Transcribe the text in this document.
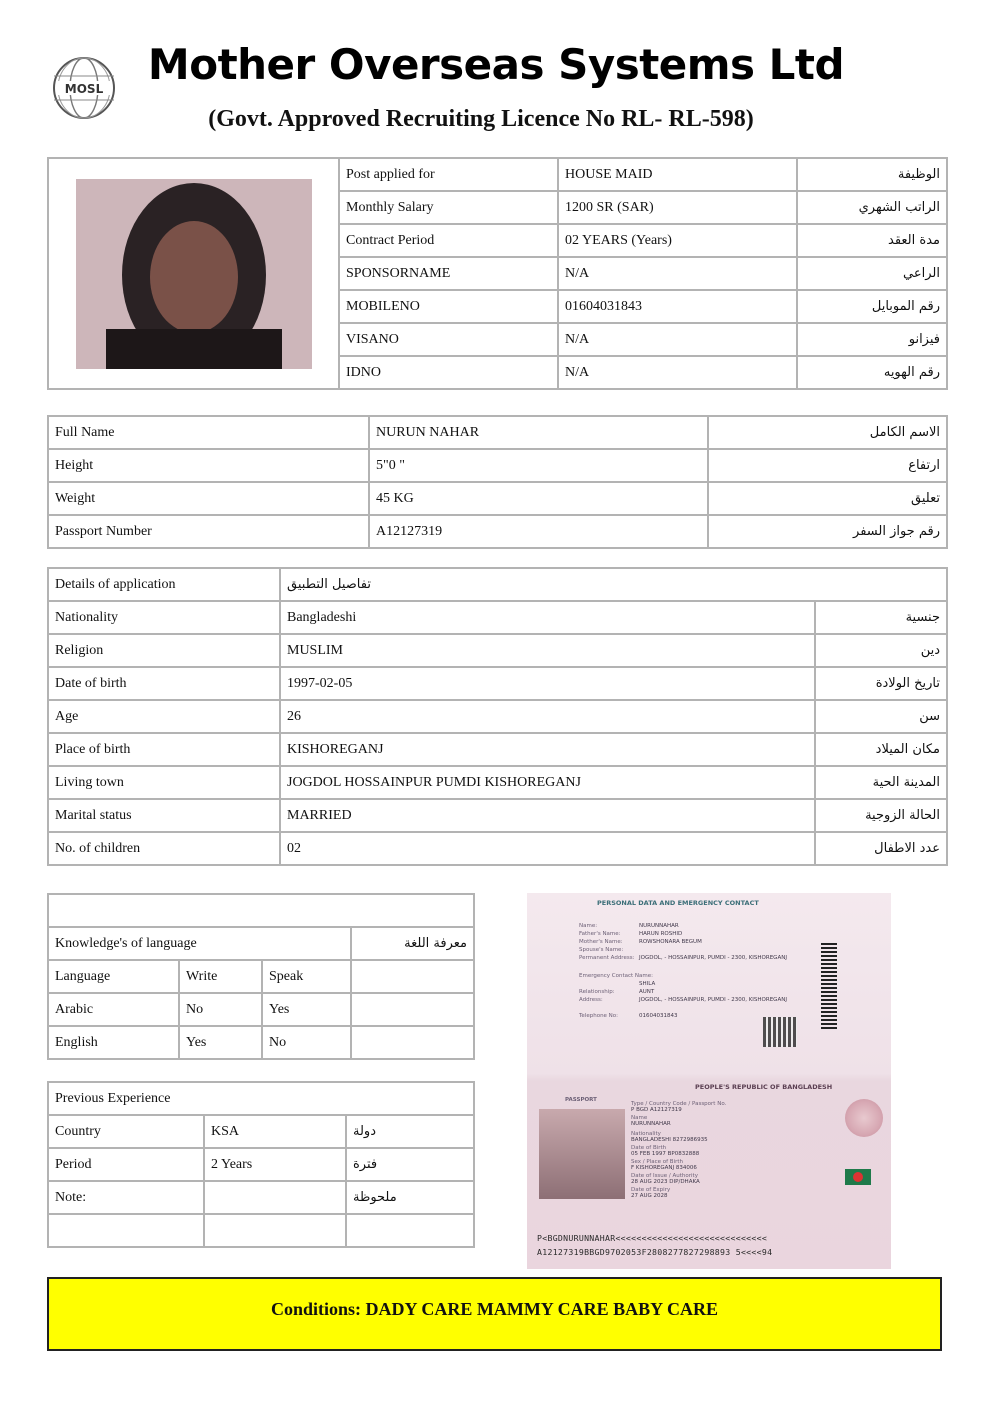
MOSL	Mother Overseas Systems Ltd
(Govt. Approved Recruiting Licence No RL- RL-598)
	Post applied for	HOUSE MAID	الوظيفة
	Monthly Salary	1200 SR (SAR)	الراتب الشهري
	Contract Period	02 YEARS (Years)	مدة العقد
	SPONSORNAME	N/A	الراعي
	MOBILENO	01604031843	رقم الموبايل
	VISANO	N/A	فيزانو
	IDNO	N/A	رقم الهويه
Full Name	NURUN NAHAR	الاسم الكامل
Height	5"0 "	ارتفاع
Weight	45 KG	تعليق
Passport Number	A12127319	رقم جواز السفر
Details of application	تفاصيل التطبيق	

Nationality	Bangladeshi	جنسية
Religion	MUSLIM	دين
Date of birth	1997-02-05	تاريخ الولادة
Age	26	سن
Place of birth	KISHOREGANJ	مكان الميلاد
Living town	JOGDOL HOSSAINPUR PUMDI KISHOREGANJ	المدينة الحية
Marital status	MARRIED	الحالة الزوجية
No. of children	02	عدد الاطفال

Knowledge's of language			معرفة اللغة
Language	Write	Speak	
Arabic	No	Yes	
English	Yes	No	
Previous Experience		
Country	KSA	دولة
Period	2 Years	فترة
Note:		ملحوظة

PERSONAL DATA AND EMERGENCY CONTACT
Name:	NURUNNAHAR
Father's Name:	HARUN ROSHID
Mother's Name:	ROWSHONARA BEGUM
Spouse's Name:
Permanent Address: JOGDOL, - HOSSAINPUR, PUMDI - 2300, KISHOREGANJ
Emergency Contact Name:
SHILA
Relationship:	AUNT
Address:	JOGDOL, - HOSSAINPUR, PUMDI - 2300, KISHOREGANJ
Telephone No:	01604031843
PEOPLE'S REPUBLIC OF BANGLADESH
PASSPORT
Type / Country Code / Passport No.
P BGD A12127319
Name
NURUNNAHAR
Nationality
BANGLADESHI 8272986935
Date of Birth
05 FEB 1997 BP0832888
Sex / Place of Birth
F KISHOREGANJ 834006
Date of Issue / Authority
28 AUG 2023 DIP/DHAKA
Date of Expiry
27 AUG 2028
P<BGDNURUNNAHAR<<<<<<<<<<<<<<<<<<<<<<<<<<<<<
A12127319BBGD9702053F2808277827298893 5<<<<94
Conditions: DADY CARE MAMMY CARE BABY CARE
